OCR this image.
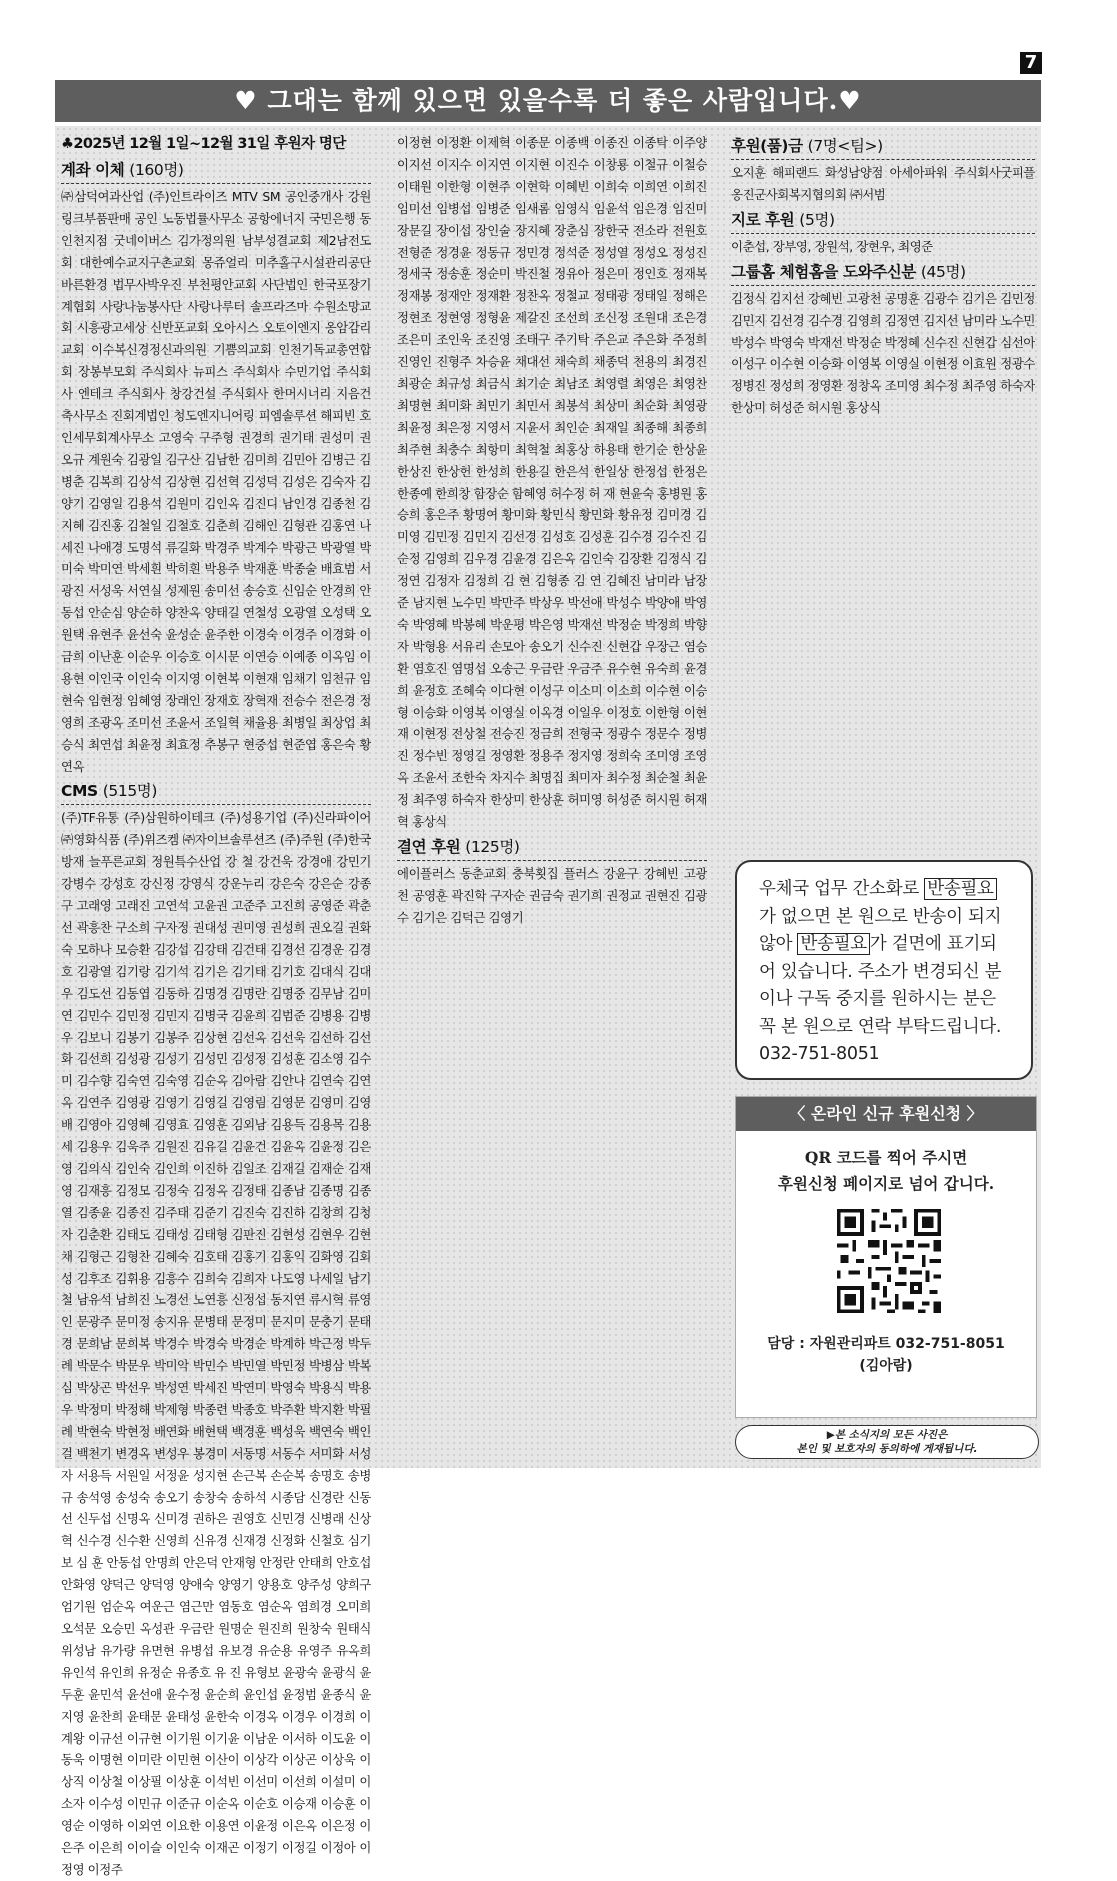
7
♥ 그대는 함께 있으면 있을수록 더 좋은 사람입니다.♥
♣2025년 12월 1일~12월 31일 후원자 명단
계좌 이체 (160명)

㈜삼덕여과산업 (주)인트라이즈 MTV SM 공인중개사 강원링크부품판매 공인 노동법률사무소 공항에너지 국민은행 동인천지점 굿네이버스 김가정의원 남부성결교회 제2남전도회 대한예수교지구촌교회 몽쥬얼리 미추홀구시설관리공단 바른환경 법무사박우진 부천평안교회 사단법인 한국포장기계협회 사랑나눔봉사단 사랑나루터 솔프라즈마 수원소망교회 시흥광고세상 신반포교회 오아시스 오토이엔지 옹암감리교회 이수복신경정신과의원 기쁨의교회 인천기독교총연합회 장봉부모회 주식회사 뉴피스 주식회사 수민기업 주식회사 엔테크 주식회사 창강건설 주식회사 한머시너리 지음건축사무소 진회계법인 청도엔지니어링 피엠솔루션 해피빈 호인세무회계사무소 고영숙 구주형 권경희 권기태 권성미 권오규 계원숙 김광일 김구산 김남한 김미희 김민아 김병근 김병춘 김복희 김상석 김상현 김선혁 김성덕 김성은 김숙자 김양기 김영일 김용석 김원미 김인옥 김진디 남인경 김종천 김지혜 김진홍 김철일 김철호 김춘희 김해인 김형관 김홍연 나세진 나애경 도명석 류길화 박경주 박계수 박광근 박광열 박미숙 박미연 박세흰 박히흰 박용주 박재훈 박종술 배효범 서광진 서성욱 서연실 성제원 송미선 송승호 신임순 안경희 안동섭 안순심 양순하 양찬옥 양태길 연철성 오광열 오성택 오원택 유현주 윤선숙 윤성순 윤주한 이경숙 이경주 이경화 이금희 이난훈 이순우 이승호 이시문 이연승 이예종 이옥임 이용현 이인국 이인숙 이지영 이현복 이현재 임채기 임천규 임현숙 임현정 임혜영 장래인 장재호 장혁재 전승수 전은경 정영희 조광옥 조미선 조윤서 조일혁 채율용 최병일 최상업 최승식 최연섭 최윤정 최효정 추봉구 현중섭 현준엽 홍은숙 황연옥

CMS (515명)

(주)TF유통 (주)삼원하이테크 (주)성용기업 (주)신라파이어 ㈜영화식품 (주)위즈켐 ㈜자이브솔루션즈 (주)주원 (주)한국방재 늘푸른교회 정원특수산업 강 철 강건욱 강경애 강민기 강병수 강성호 강신정 강영식 강운누리 강은숙 강은순 강종구 고래영 고래진 고연석 고윤권 고준주 고진희 공영준 곽춘선 곽흥찬 구소희 구자정 권대성 권미영 권성희 권오길 권화숙 모하나 모승환 김강섭 김강태 김건태 김경선 김경운 김경호 김광열 김기랑 김기석 김기은 김기태 김기호 김대식 김대우 김도선 김동엽 김동하 김명경 김명란 김명중 김무남 김미연 김민수 김민정 김민지 김병국 김윤희 김범준 김병용 김병우 김보니 김봉기 김봉주 김상현 김선옥 김선욱 김선하 김선화 김선희 김성광 김성기 김성민 김성정 김성훈 김소영 김수미 김수향 김숙연 김숙영 김순옥 김아람 김안나 김연숙 김연옥 김연주 김영광 김영기 김영길 김영림 김영문 김영미 김영배 김영아 김영혜 김영효 김영훈 김외남 김용득 김용목 김용세 김용우 김욱주 김원진 김유길 김윤건 김윤옥 김윤정 김은영 김의식 김인숙 김인희 이진하 김일조 김재길 김재순 김재영 김재흥 김정모 김정숙 김정옥 김정태 김종남 김종명 김종열 김종윤 김종진 김주태 김준기 김진숙 김진하 김창희 김청자 김춘환 김태도 김태성 김태형 김판진 김현성 김현우 김현채 김형근 김형찬 김혜숙 김호태 김홍기 김홍익 김화영 김회성 김후조 김휘용 김흥수 김희숙 김희자 나도영 나세일 남기철 남유석 남희진 노경선 노연흥 신정섭 동지연 류시혁 류영인 문광주 문미정 송지유 문병태 문정미 문지미 문충기 문태경 문희남 문희복 박경수 박경숙 박경순 박계하 박근정 박두례 박문수 박문우 박미악 박민수 박민열 박민정 박병삼 박복심 박상곤 박선우 박성연 박세진 박연미 박영숙 박용식 박용우 박정미 박정해 박제형 박종련 박종호 박주환 박지환 박필례 박현숙 박현정 배연화 배현택 백경훈 백성욱 백연숙 백인걸 백천기 변경옥 변성우 봉경미 서동명 서동수 서미화 서성자 서용득 서원일 서정윤 성지현 손근복 손순복 송명호 송병규 송석영 송성숙 송오기 송창숙 송하석 시종담 신경란 신동선 신두섭 신명옥 신미경 권하은 권영호 신민경 신병래 신상혁 신수경 신수환 신영희 신유경 신재경 신정화 신철호 심기보 심 훈 안동섭 안명희 안은덕 안재형 안정란 안태희 안호섭 안화영 양덕근 양덕영 양애숙 양영기 양용호 양주성 양희구 엄기원 엄순옥 여운근 염근만 염동호 염순옥 염희경 오미희 오석문 오승민 옥성관 우금란 원명순 원진희 원창숙 원태식 위성남 유가량 유면현 유병섭 유보경 유순용 유영주 유옥희 유인석 유인희 유정순 유종호 유 진 유형보 윤광숙 윤광식 윤두훈 윤민석 윤선애 윤수정 윤순희 윤인섭 윤정범 윤종식 윤지영 윤찬희 윤태문 윤태성 윤한숙 이경옥 이경우 이경희 이계왕 이규선 이규현 이기원 이기윤 이남운 이서하 이도윤 이동욱 이명현 이미란 이민현 이산이 이상각 이상곤 이상욱 이상직 이상철 이상필 이상훈 이석빈 이선미 이선희 이설미 이소자 이수성 이민규 이준규 이순옥 이순호 이승재 이승훈 이영순 이영하 이외연 이요한 이용연 이윤정 이은옥 이은정 이은주 이은희 이이슬 이인숙 이재곤 이정기 이정길 이정아 이정영 이정주

이정현 이정환 이제혁 이종문 이종백 이종진 이종탁 이주양 이지선 이지수 이지연 이지현 이진수 이창룡 이철규 이철승 이태원 이한형 이현주 이현학 이혜빈 이희숙 이희연 이희진 임미선 임병섭 임병준 임새롬 임영식 임윤석 임은경 임진미 장문길 장이섭 장인술 장지혜 장춘심 장한국 전소라 전원호 전형준 정경윤 정동규 정민경 정석준 정성열 정성오 정성진 정세국 정송훈 정순미 박진철 정유아 정은미 정인호 정재복 정재봉 정재안 정재환 정찬옥 정철교 정태광 정태일 정해은 정현조 정현영 정형윤 제갈진 조선희 조신정 조원대 조은경 조은미 조인욱 조진영 조태구 주기탁 주은교 주은화 주정희 진영인 진형주 차승윤 채대선 채숙희 채종덕 천용의 최경진 최광순 최규성 최금식 최기순 최남조 최영렬 최영은 최영찬 최명현 최미화 최민기 최민서 최봉석 최상미 최순화 최영광 최윤정 최은정 지영서 지윤서 최인순 최재일 최종해 최종희 최주현 최충수 최항미 최혁철 최홍상 하용태 한기순 한상윤 한상진 한상헌 한성희 한용길 한은석 한일상 한정섭 한정은 한종예 한희창 함장순 함혜영 허수정 허 재 현윤숙 홍병원 홍승희 홍은주 황명여 황미화 황민식 황민화 황유정 김미경 김미영 김민정 김민지 김선경 김성호 김성훈 김수경 김수진 김순정 김영희 김우경 김윤경 김은옥 김인숙 김장환 김정식 김정연 김정자 김정희 김 현 김형종 김 연 김혜진 남미라 남장준 남지현 노수민 박만주 박상우 박선애 박성수 박양애 박영숙 박영혜 박봉혜 박운평 박은영 박재선 박정순 박정희 박향자 박형용 서유리 손모아 송오기 신수진 신현갑 우장근 염승환 염호진 염명섭 오송근 우금란 우금주 유수현 유숙희 윤경희 윤정호 조혜숙 이다현 이성구 이소미 이소희 이수현 이승형 이승화 이영복 이영실 이옥경 이일우 이정호 이한형 이현재 이현정 전상철 전승진 정금희 전형국 정광수 정문수 정병진 정수빈 정영길 정영환 정용주 정지영 정희숙 조미영 조영옥 조윤서 조한숙 차지수 최명집 최미자 최수정 최순철 최윤정 최주영 하숙자 한상미 한상훈 허미영 허성준 허시원 허재혁 홍상식

결연 후원 (125명)

에이플러스 동춘교회 충북횟집 플러스 강윤구 강혜빈 고광천 공영훈 곽진학 구자순 권금숙 권기희 권정교 권현진 김광수 김기은 김덕근 김영기

후원(품)금 (7명<팀>)

오지훈 해피랜드 화성남양점 아세아파워 주식회사굿피플 옹진군사회복지협의회 ㈜서범

지로 후원 (5명)

이춘섭, 장부영, 장원석, 장현우, 최영준

그룹홈 체험홈을 도와주신분 (45명)

김정식 김지선 강혜빈 고광천 공명훈 김광수 김기은 김민정 김민지 김선경 김수경 김영희 김정연 김지선 남미라 노수민 박성수 박영숙 박재선 박정순 박정혜 신수진 신현갑 심선아 이성구 이수현 이승화 이영복 이영실 이현정 이효원 정광수 정병진 정성희 정영환 정창옥 조미영 최수정 최주영 하숙자 한상미 허성준 허시원 홍상식

우체국 업무 간소화로 반송필요가 없으면 본 원으로 반송이 되지 않아 반송필요 가 겉면에 표기되어 있습니다. 주소가 변경되신 분이나 구독 중지를 원하시는 분은 꼭 본 원으로 연락 부탁드립니다.
032-751-8051
〈 온라인 신규 후원신청 〉
QR 코드를 찍어 주시면
후원신청 페이지로 넘어 갑니다.
담당 : 자원관리파트 032-751-8051
(김아람)
▶본 소식지의 모든 사진은
본인 및 보호자의 동의하에 게재됩니다.
